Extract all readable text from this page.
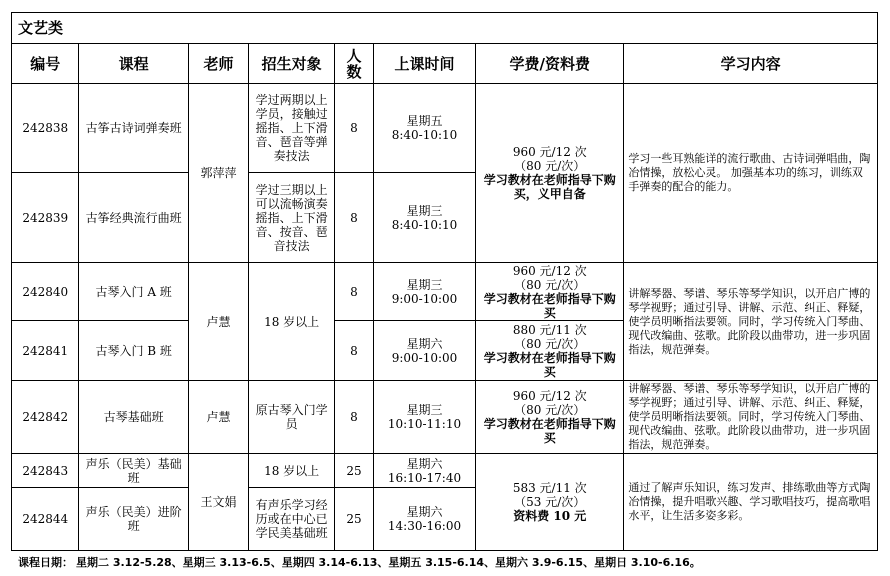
文艺类							
编号	课程	老师	招生对象	人
数	上课时间	学费/资料费	学习内容
242838	古筝古诗词弹奏班	郭萍萍	学过两期以上学员，接触过摇指、上下滑音、琶音等弹奏技法	8	星期五
8:40-10:10	960 元/12 次
（80 元/次）
学习教材在老师指导下购买，义甲自备	学习一些耳熟能详的流行歌曲、古诗词弹唱曲，陶冶情操，放松心灵。 加强基本功的练习，训练双手弹奏的配合的能力。
242839	古筝经典流行曲班		学过三期以上可以流畅演奏摇指、上下滑音、按音、琶音技法	8	星期三
8:40-10:10		

242840	古琴入门 A 班	卢慧	18 岁以上	8	星期三
9:00-10:00	960 元/12 次
（80 元/次）
学习教材在老师指导下购买	讲解琴器、琴谱、琴乐等琴学知识，以开启广博的琴学视野；通过引导、讲解、示范、纠正、释疑，使学员明晰指法要领。同时，学习传统入门琴曲、现代改编曲、弦歌。此阶段以曲带功，进一步巩固指法，规范弹奏。
242841	古琴入门 B 班			8	星期六
9:00-10:00	880 元/11 次
（80 元/次）
学习教材在老师指导下购买	

242842	古琴基础班	卢慧	原古琴入门学员	8	星期三
10:10-11:10	960 元/12 次
（80 元/次）
学习教材在老师指导下购买	讲解琴器、琴谱、琴乐等琴学知识，以开启广博的琴学视野；通过引导、讲解、示范、纠正、释疑，使学员明晰指法要领。同时，学习传统入门琴曲、现代改编曲、弦歌。此阶段以曲带功，进一步巩固指法，规范弹奏。
242843	声乐（民美）基础班	王文娟	18 岁以上	25	星期六
16:10-17:40	583 元/11 次
（53 元/次）
资料费 10 元	通过了解声乐知识，练习发声、排练歌曲等方式陶冶情操，提升唱歌兴趣、学习歌唱技巧，提高歌唱水平，让生活多姿多彩。
242844	声乐（民美）进阶班		有声乐学习经历或在中心已学民美基础班	25	星期六
14:30-16:00		
课程日期： 星期二 3.12-5.28、星期三 3.13-6.5、星期四 3.14-6.13、星期五 3.15-6.14、星期六 3.9-6.15、星期日 3.10-6.16。
